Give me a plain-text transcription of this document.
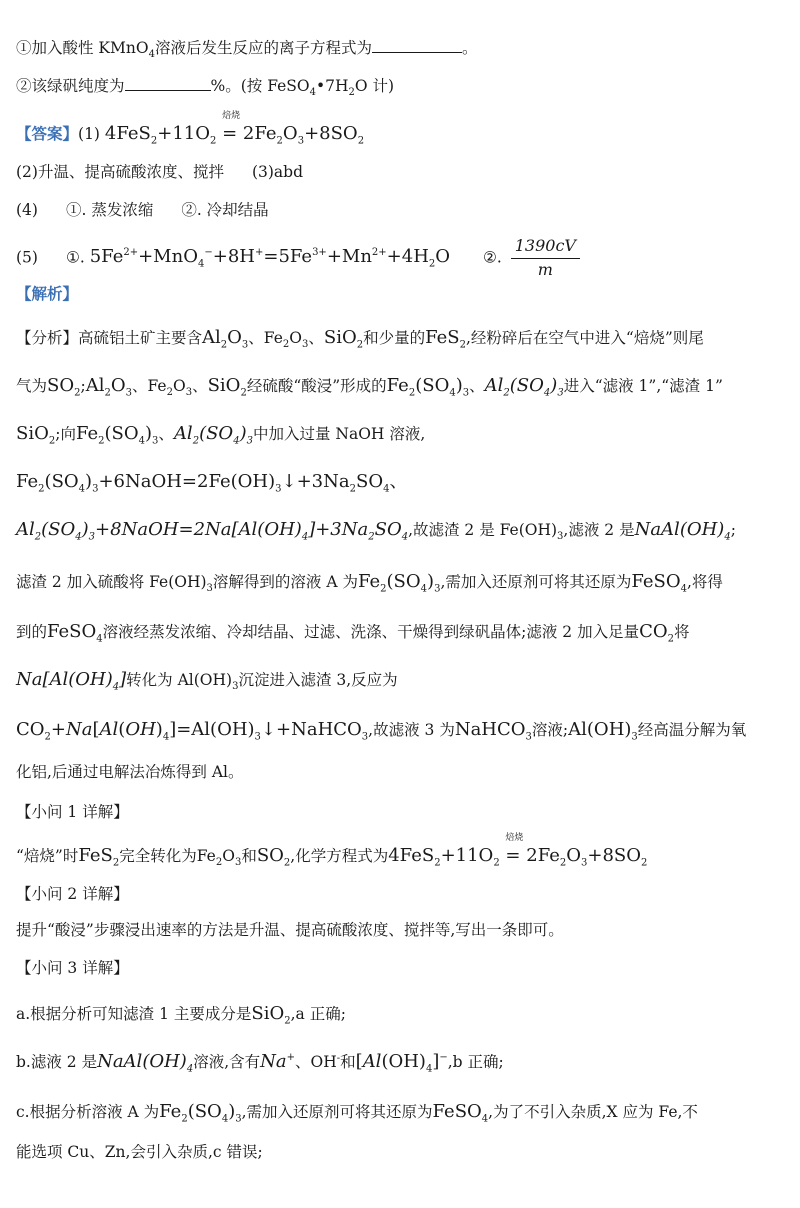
①加入酸性 KMnO$_4$溶液后发生反应的离子方程式为	。
②该绿矾纯度为	%。(按 $FeSO_4•7H_2O$ 计)
【答案】(1) $4FeS_2+11O_2$
焙烧
= $2Fe_2O_3+8SO_2$
(2)升温、提高硫酸浓度、搅拌 (3)abd
(4) ①. 蒸发浓缩 ②. 冷却结晶
(5) ①. $5Fe^{2+}+MnO_4^-+8H^+=5Fe^{3+}+Mn^{2+}+4H_2O$ ②. $\frac{1390cV}{m}$
【解析】
【分析】高硫铝土矿主要含$Al_2O_3$、$Fe_2O_3$、SiO$_2$和少量的FeS$_2$,经粉碎后在空气中进入“焙烧”则尾
气为$SO_2;Al_2O_3$、$Fe_2O_3$、SiO$_2$经硫酸“酸浸”形成的$Fe_2(SO_4)_3$、$Al_2(SO_4)_3$进入“滤液 1”,“滤渣 1”
SiO$_2$;向$Fe_2(SO_4)_3$、$Al_2(SO_4)_3$中加入过量 NaOH 溶液,
$Fe_2(SO_4)_3+6NaOH=2Fe(OH)_3↓+3Na_2SO_4$、
$Al_2(SO_4)_3+8NaOH=2Na[Al(OH)_4]+3Na_2SO_4$,故滤渣 2 是 $Fe(OH)_3$,滤液 2 是$NaAl(OH)_4$;
滤渣 2 加入硫酸将 $Fe(OH)_3$溶解得到的溶液 A 为$Fe_2(SO_4)_3$,需加入还原剂可将其还原为FeSO$_4$,将得
到的FeSO$_4$溶液经蒸发浓缩、冷却结晶、过滤、洗涤、干燥得到绿矾晶体;滤液 2 加入足量$CO_2$将
$Na[Al(OH)_4]$转化为 $Al(OH)_3$沉淀进入滤渣 3,反应为
$CO_2+Na[Al(OH)_4]=Al(OH)_3↓+NaHCO_3$,故滤液 3 为NaHCO$_3$溶液$;Al(OH)_3$经高温分解为氧
化铝,后通过电解法冶炼得到 Al。
【小问 1 详解】
“焙烧”时FeS$_2$完全转化为$Fe_2O_3$和$SO_2$,化学方程式为$4FeS_2+11O_2$
焙烧
= $2Fe_2O_3+8SO_2$
【小问 2 详解】
提升“酸浸”步骤浸出速率的方法是升温、提高硫酸浓度、搅拌等,写出一条即可。
【小问 3 详解】
a.根据分析可知滤渣 1 主要成分是SiO$_2$,a 正确;
b.滤液 2 是$NaAl(OH)_4$溶液,含有Na+、OH-和$[Al(OH)_4]^-,b$ 正确;
c.根据分析溶液 A 为$Fe_2(SO_4)_3$,需加入还原剂可将其还原为FeSO$_4$,为了不引入杂质,X 应为 Fe,不
能选项 Cu、Zn,会引入杂质,c 错误;
